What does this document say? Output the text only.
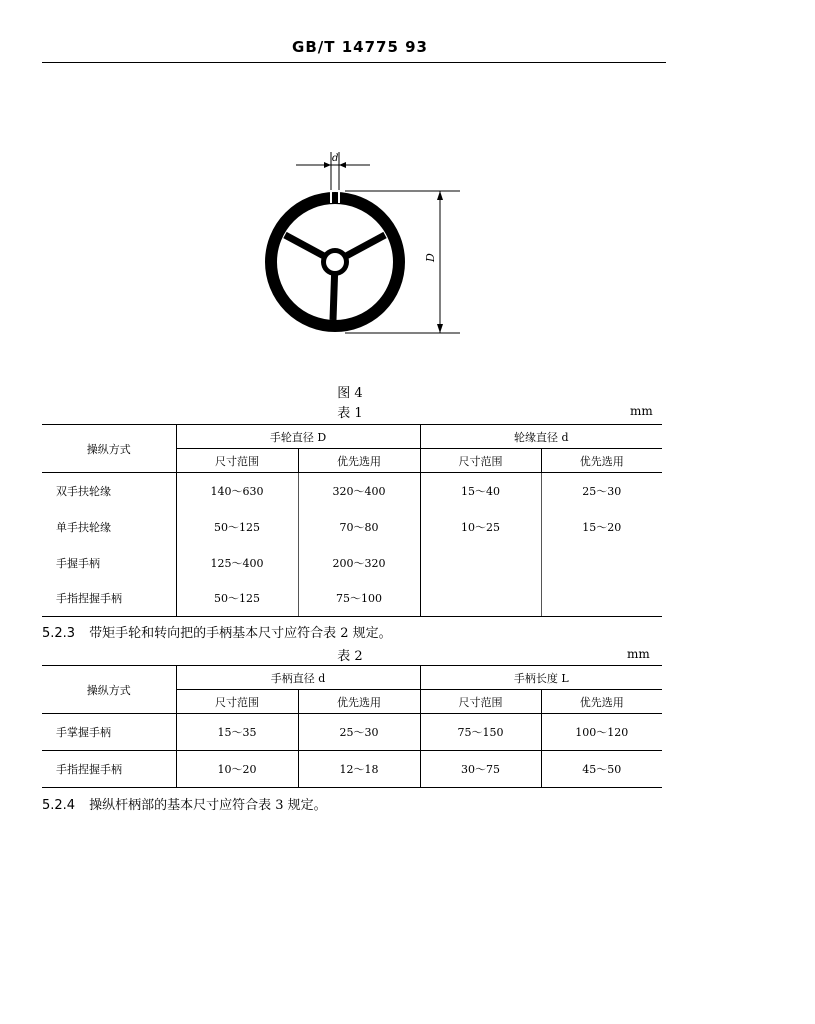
GB/T 14775 93
d
D
图 4
表 1	mm
操纵方式	手轮直径 D		轮缘直径 d	
	尺寸范围	优先选用	尺寸范围	优先选用
双手扶轮缘	140～630	320～400	15～40	25～30
单手扶轮缘	50～125	70～80	10～25	15～20
手握手柄	125～400	200～320		
手指捏握手柄	50～125	75～100		
5.2.3 带矩手轮和转向把的手柄基本尺寸应符合表 2 规定。
表 2	mm
操纵方式	手柄直径 d		手柄长度 L	
	尺寸范围	优先选用	尺寸范围	优先选用
手掌握手柄	15～35	25～30	75～150	100～120
手指捏握手柄	10～20	12～18	30～75	45～50
5.2.4 操纵杆柄部的基本尺寸应符合表 3 规定。
